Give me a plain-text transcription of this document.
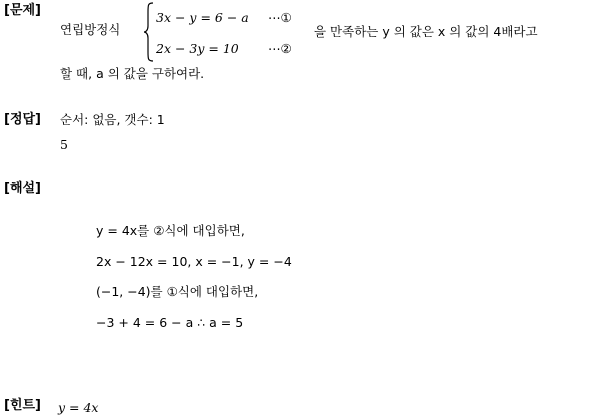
[문제]
연립방정식
3x − y = 6 − a ⋯①
2x − 3y = 10 ⋯②
을 만족하는 y 의 값은 x 의 값의 4배라고
할 때, a 의 값을 구하여라.
[정답] 순서: 없음, 갯수: 1
5
[해설]
y = 4x를 ②식에 대입하면,
2x − 12x = 10, x = −1, y = −4
(−1, −4)를 ①식에 대입하면,
−3 + 4 = 6 − a ∴ a = 5
[힌트] y = 4x
